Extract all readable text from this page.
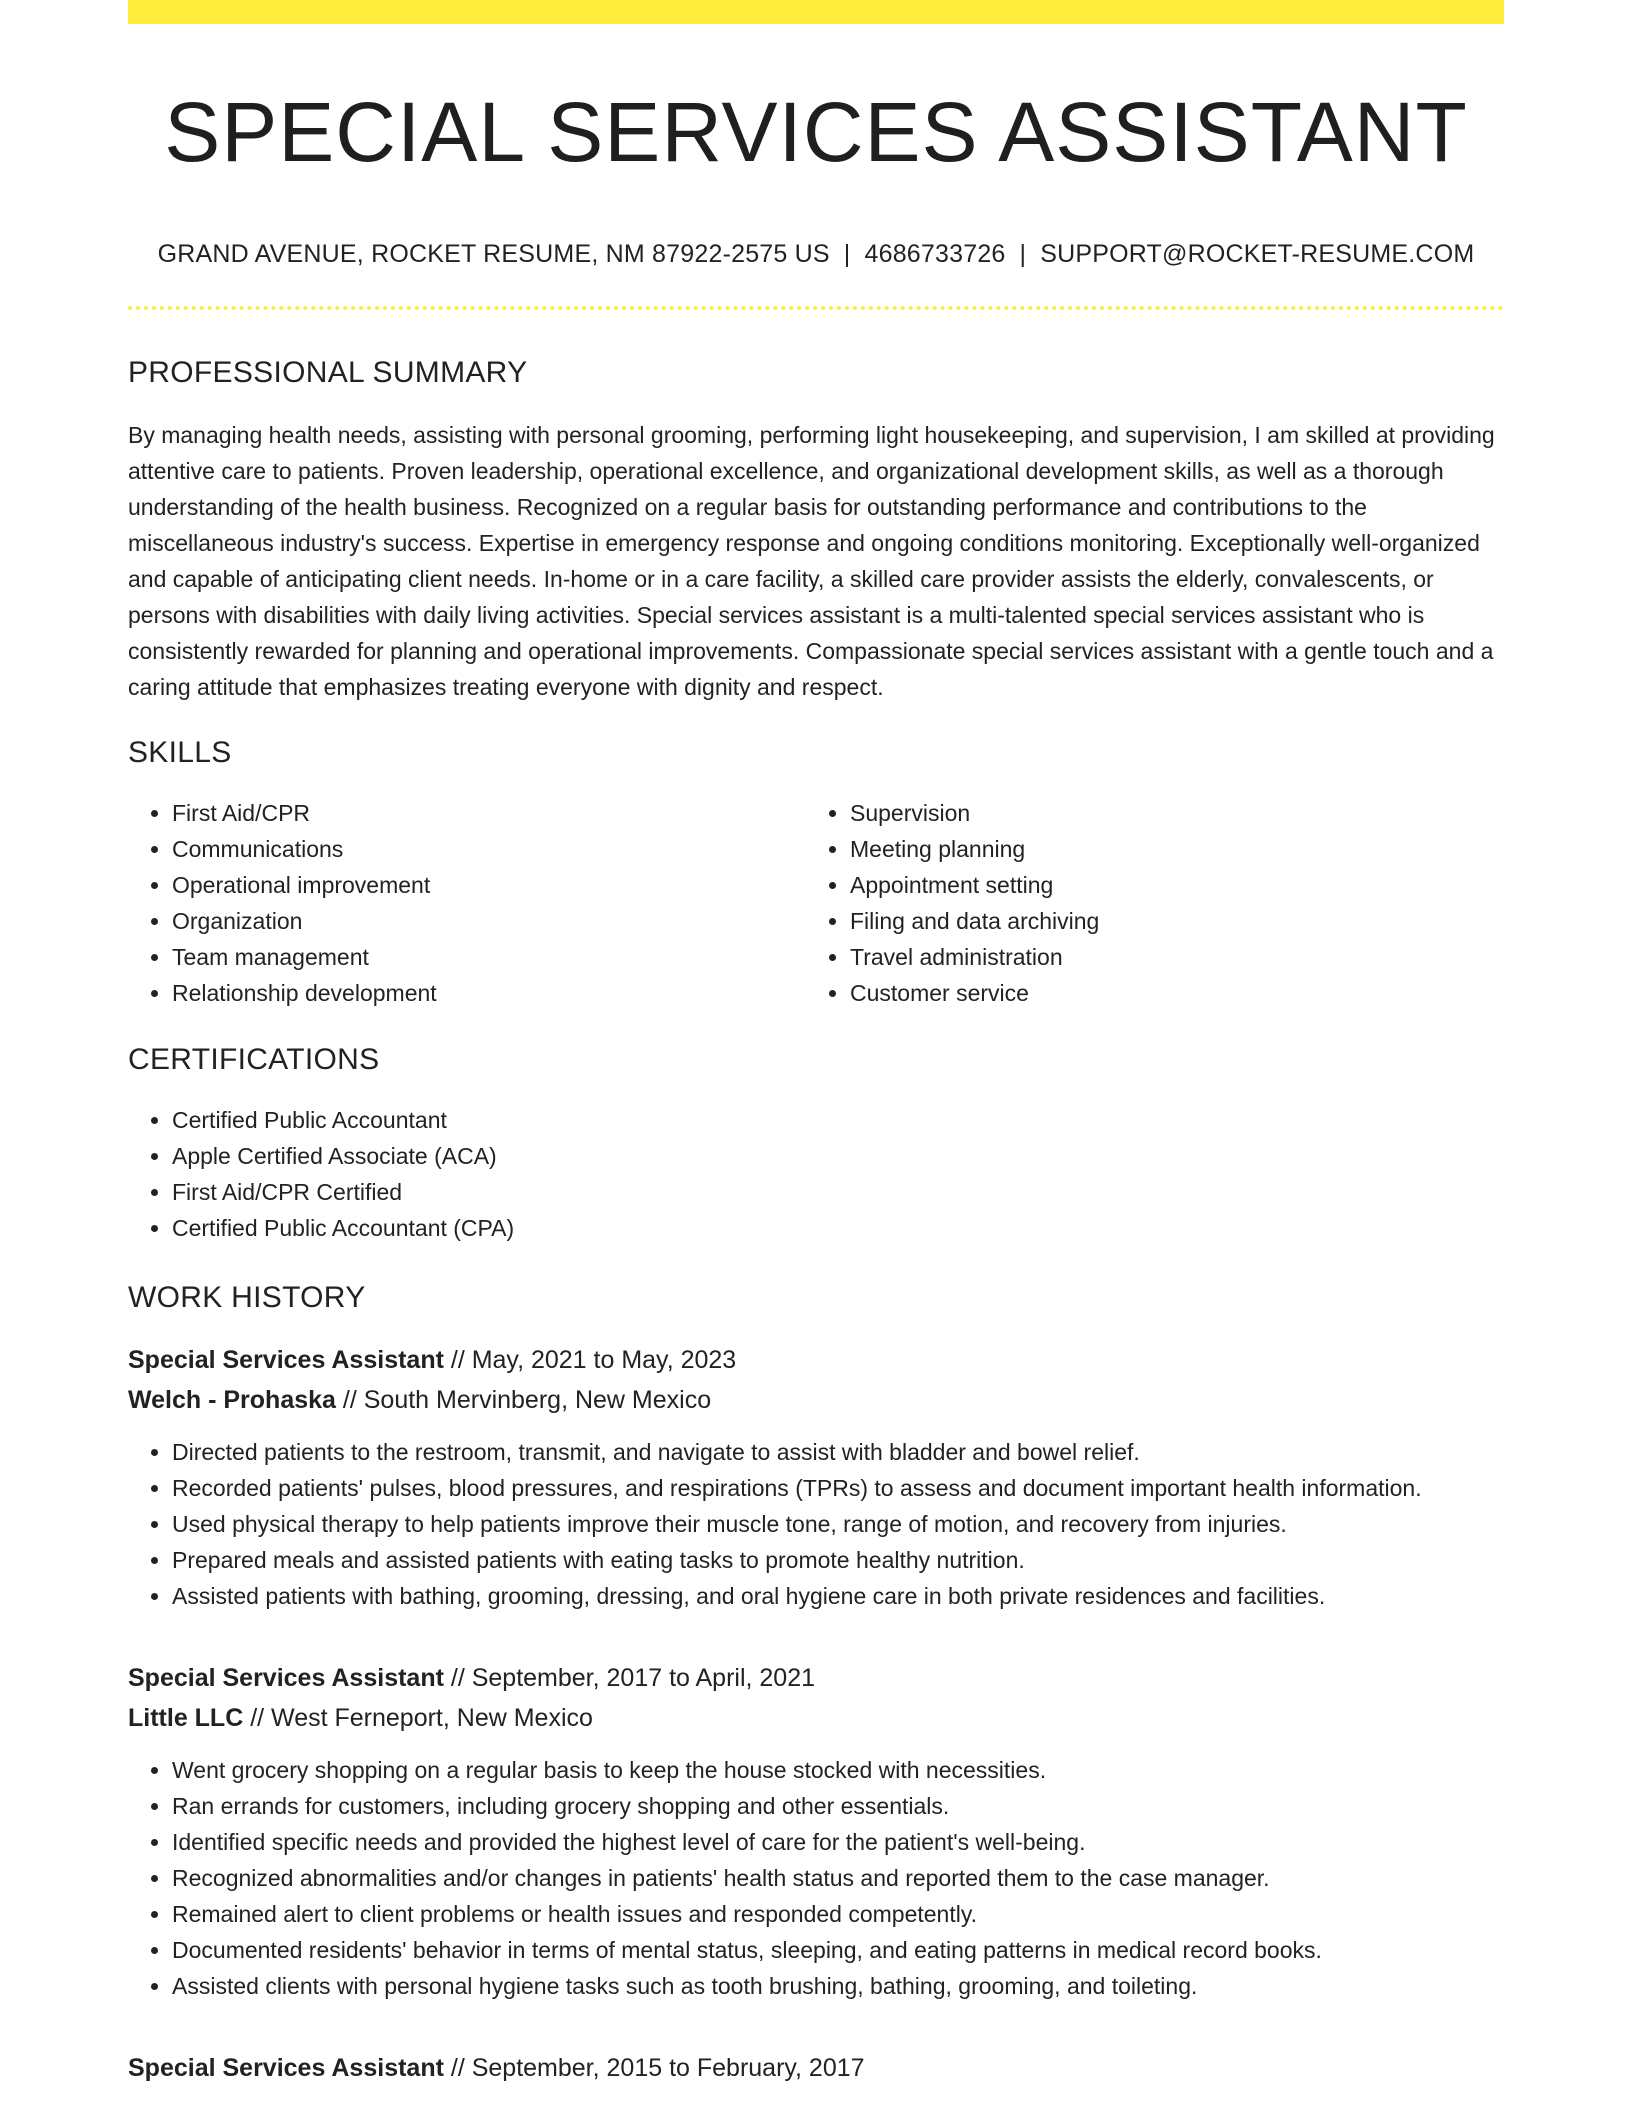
SPECIAL SERVICES ASSISTANT
GRAND AVENUE, ROCKET RESUME, NM 87922-2575 US | 4686733726 | SUPPORT@ROCKET-RESUME.COM
PROFESSIONAL SUMMARY

By managing health needs, assisting with personal grooming, performing light housekeeping, and supervision, I am skilled at providing attentive care to patients. Proven leadership, operational excellence, and organizational development skills, as well as a thorough understanding of the health business. Recognized on a regular basis for outstanding performance and contributions to the miscellaneous industry's success. Expertise in emergency response and ongoing conditions monitoring. Exceptionally well-organized and capable of anticipating client needs. In-home or in a care facility, a skilled care provider assists the elderly, convalescents, or persons with disabilities with daily living activities. Special services assistant is a multi-talented special services assistant who is consistently rewarded for planning and operational improvements. Compassionate special services assistant with a gentle touch and a caring attitude that emphasizes treating everyone with dignity and respect.

SKILLS
• First Aid/CPR
• Communications
• Operational improvement
• Organization
• Team management
• Relationship development
• Supervision
• Meeting planning
• Appointment setting
• Filing and data archiving
• Travel administration
• Customer service
CERTIFICATIONS
• Certified Public Accountant
• Apple Certified Associate (ACA)
• First Aid/CPR Certified
• Certified Public Accountant (CPA)
WORK HISTORY
Special Services Assistant // May, 2021 to May, 2023
Welch - Prohaska // South Mervinberg, New Mexico
• Directed patients to the restroom, transmit, and navigate to assist with bladder and bowel relief.
• Recorded patients' pulses, blood pressures, and respirations (TPRs) to assess and document important health information.
• Used physical therapy to help patients improve their muscle tone, range of motion, and recovery from injuries.
• Prepared meals and assisted patients with eating tasks to promote healthy nutrition.
• Assisted patients with bathing, grooming, dressing, and oral hygiene care in both private residences and facilities.
Special Services Assistant // September, 2017 to April, 2021
Little LLC // West Ferneport, New Mexico
• Went grocery shopping on a regular basis to keep the house stocked with necessities.
• Ran errands for customers, including grocery shopping and other essentials.
• Identified specific needs and provided the highest level of care for the patient's well-being.
• Recognized abnormalities and/or changes in patients' health status and reported them to the case manager.
• Remained alert to client problems or health issues and responded competently.
• Documented residents' behavior in terms of mental status, sleeping, and eating patterns in medical record books.
• Assisted clients with personal hygiene tasks such as tooth brushing, bathing, grooming, and toileting.
Special Services Assistant // September, 2015 to February, 2017
